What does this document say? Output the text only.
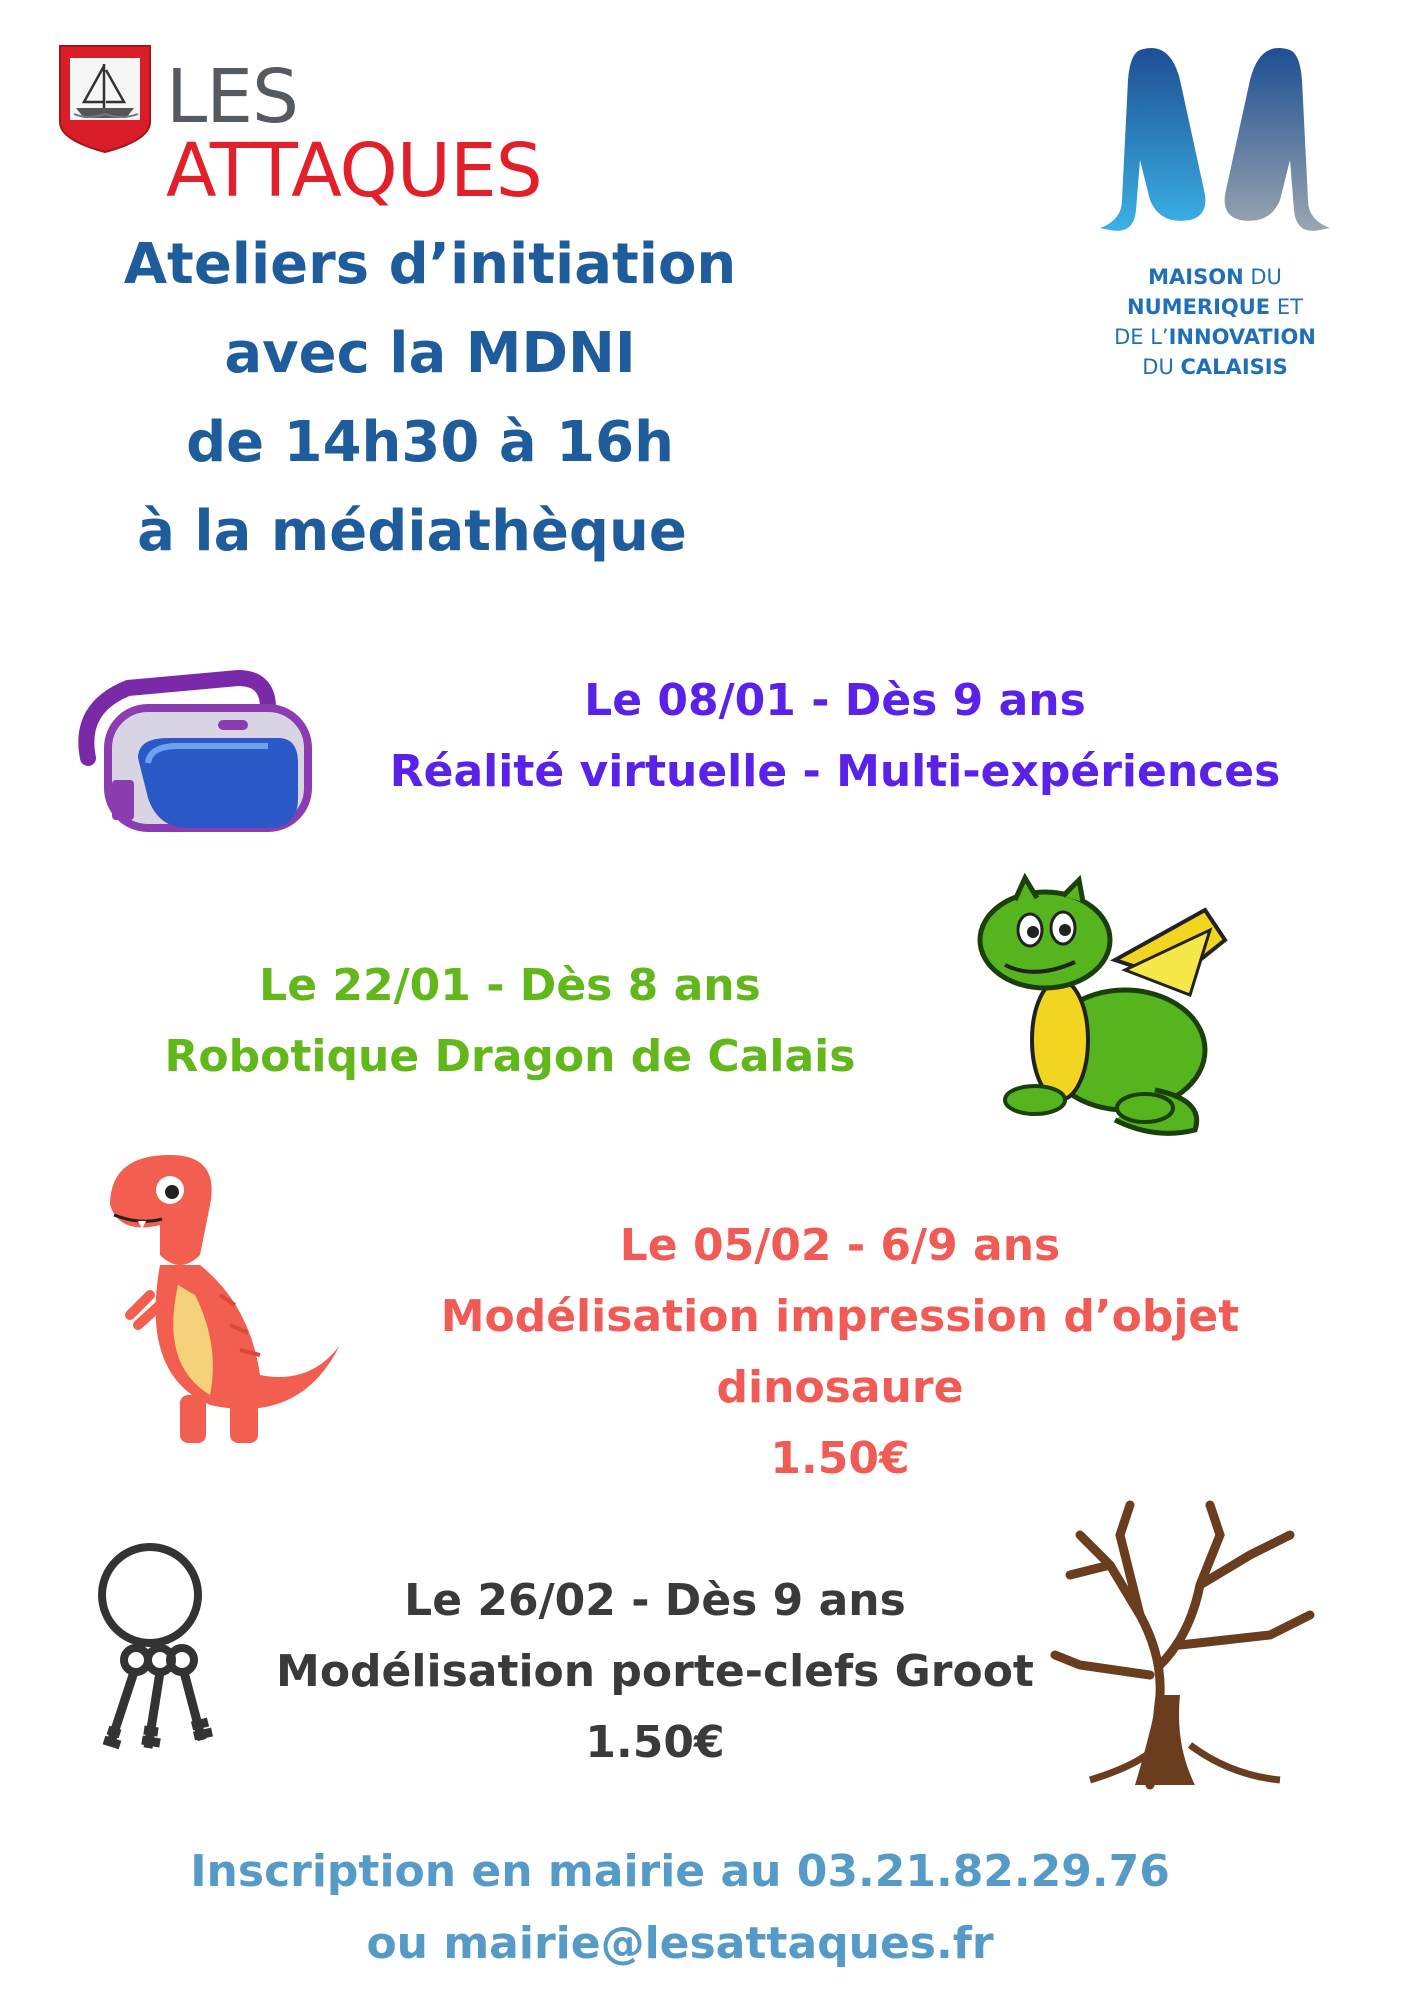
LES ATTAQUES
MAISON DU
NUMERIQUE ET
DE L’INNOVATION
DU CALAISIS
Ateliers d’initiation
avec la MDNI
de 14h30 à 16h
à la médiathèque
Le 08/01 - Dès 9 ans
Réalité virtuelle - Multi-expériences
Le 22/01 - Dès 8 ans
Robotique Dragon de Calais
Le 05/02 - 6/9 ans
Modélisation impression d’objet
dinosaure
1.50€
Le 26/02 - Dès 9 ans
Modélisation porte-clefs Groot
1.50€
Inscription en mairie au 03.21.82.29.76
ou mairie@lesattaques.fr
